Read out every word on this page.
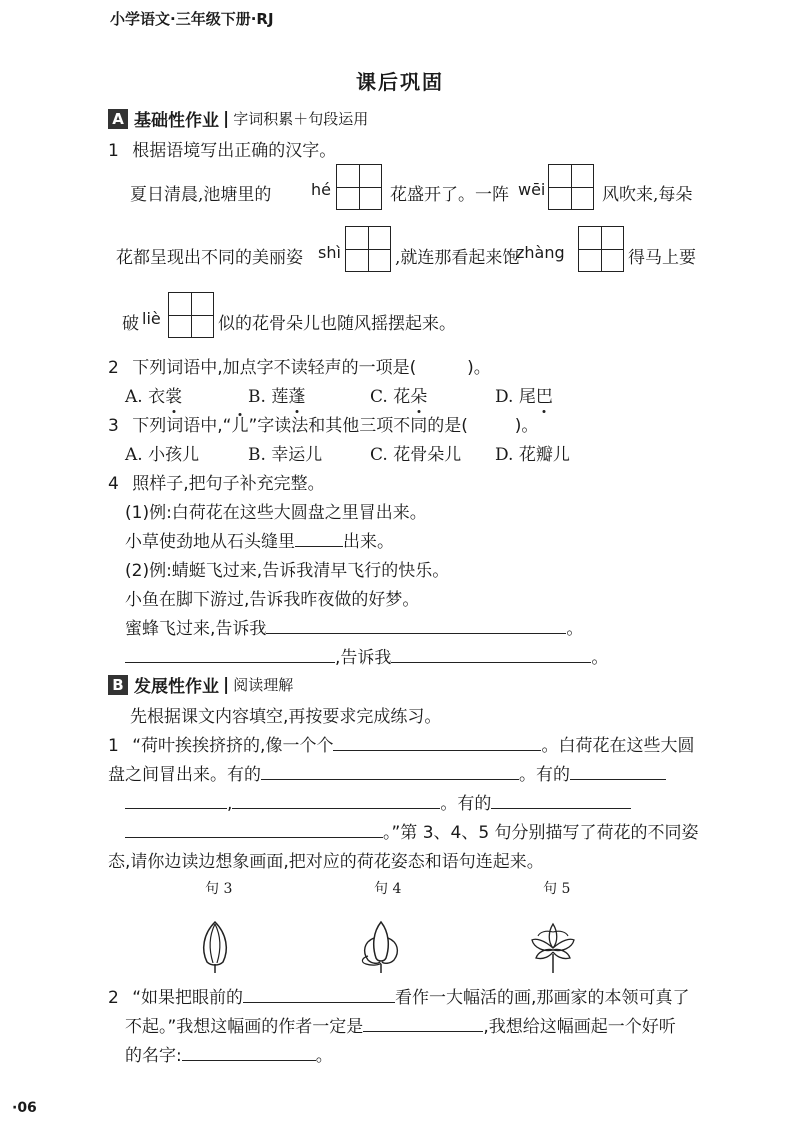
小学语文·三年级下册·RJ
课后巩固
A 基础性作业 | 字词积累＋句段运用
1 根据语境写出正确的汉字。
夏日清晨,池塘里的 hé	花盛开了。一阵 wēi	风吹来,每朵
花都呈现出不同的美丽姿 shì	,就连那看起来饱
zhàng	得马上要
破 liè	似的花骨朵儿也随风摇摆起来。
2 下列词语中,加点字不读轻声的一项是(	)。
A. 衣裳	B. 莲蓬	C. 花朵	D. 尾巴
3 下列词语中,“儿”字读法和其他三项不同的是(	)。
A. 小孩儿	B. 幸运儿	C. 花骨朵儿 D. 花瓣儿
4 照样子,把句子补充完整。
(1)例:白荷花在这些大圆盘之里冒出来。
小草使劲地从石头缝里	出来。
(2)例:蜻蜓飞过来,告诉我清早飞行的快乐。
小鱼在脚下游过,告诉我昨夜做的好梦。
蜜蜂飞过来,告诉我	。
,告诉我	。
B 发展性作业 | 阅读理解
先根据课文内容填空,再按要求完成练习。
1 “荷叶挨挨挤挤的,像一个个	。白荷花在这些大圆
盘之间冒出来。有的	。有的
,	。有的
。”第 3、4、5 句分别描写了荷花的不同姿
态,请你边读边想象画面,把对应的荷花姿态和语句连起来。
句 3	句 4	句 5
2 “如果把眼前的	看作一大幅活的画,那画家的本领可真了
不起。”我想这幅画的作者一定是	,我想给这幅画起一个好听
的名字:	。
·06
